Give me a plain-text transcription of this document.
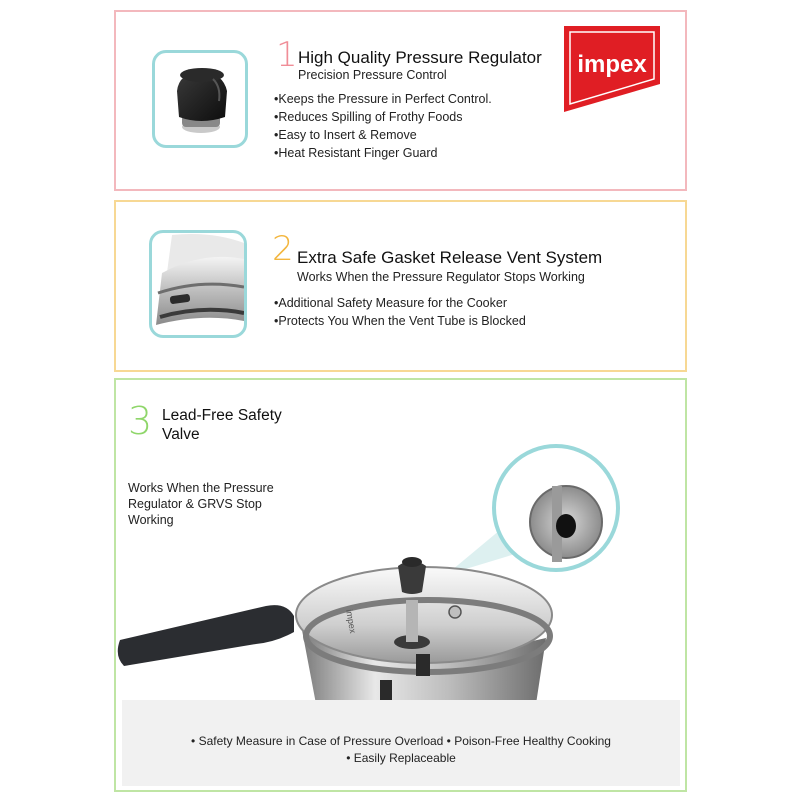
1 High Quality Pressure Regulator
Precision Pressure Control
• Keeps the Pressure in Perfect Control.
• Reduces Spilling of Frothy Foods
• Easy to Insert & Remove
• Heat Resistant Finger Guard
impex
2 Extra Safe Gasket Release Vent System
Works When the Pressure Regulator Stops Working
• Additional Safety Measure for the Cooker
• Protects You When the Vent Tube is Blocked
3 Lead-Free Safety Valve
Works When the Pressure Regulator & GRVS Stop Working
impex
• Safety Measure in Case of Pressure Overload • Poison-Free Healthy Cooking
• Easily Replaceable
